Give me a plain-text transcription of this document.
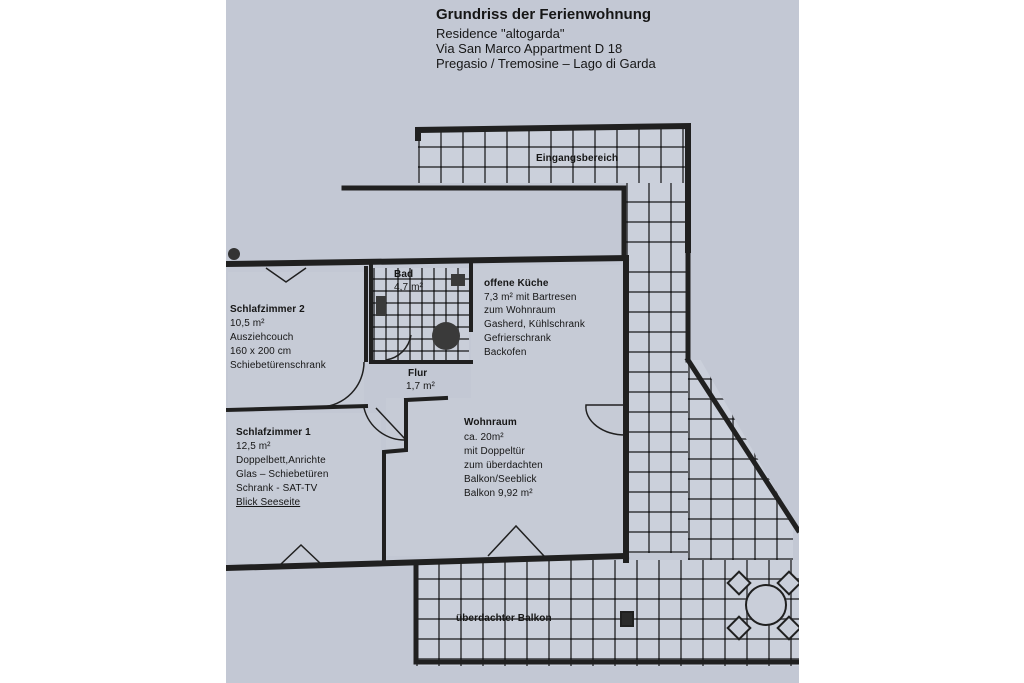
Grundriss der Ferienwohnung
Residence "altogarda"
Via San Marco Appartment D 18
Pregasio / Tremosine – Lago di Garda
Eingangsbereich
Bad
4,7 m²	offene Küche
7,3 m² mit Bartresen
zum Wohnraum
Gasherd, Kühlschrank
Gefrierschrank
Backofen
Schlafzimmer 2
10,5 m²
Ausziehcouch
160 x 200 cm
Schiebetürenschrank
Flur
1,7 m²
Schlafzimmer 1
12,5 m²
Doppelbett,Anrichte
Glas – Schiebetüren
Schrank - SAT-TV
Blick Seeseite
Wohnraum
ca. 20m²
mit Doppeltür
zum überdachten
Balkon/Seeblick
Balkon 9,92 m²
überdachter Balkon
